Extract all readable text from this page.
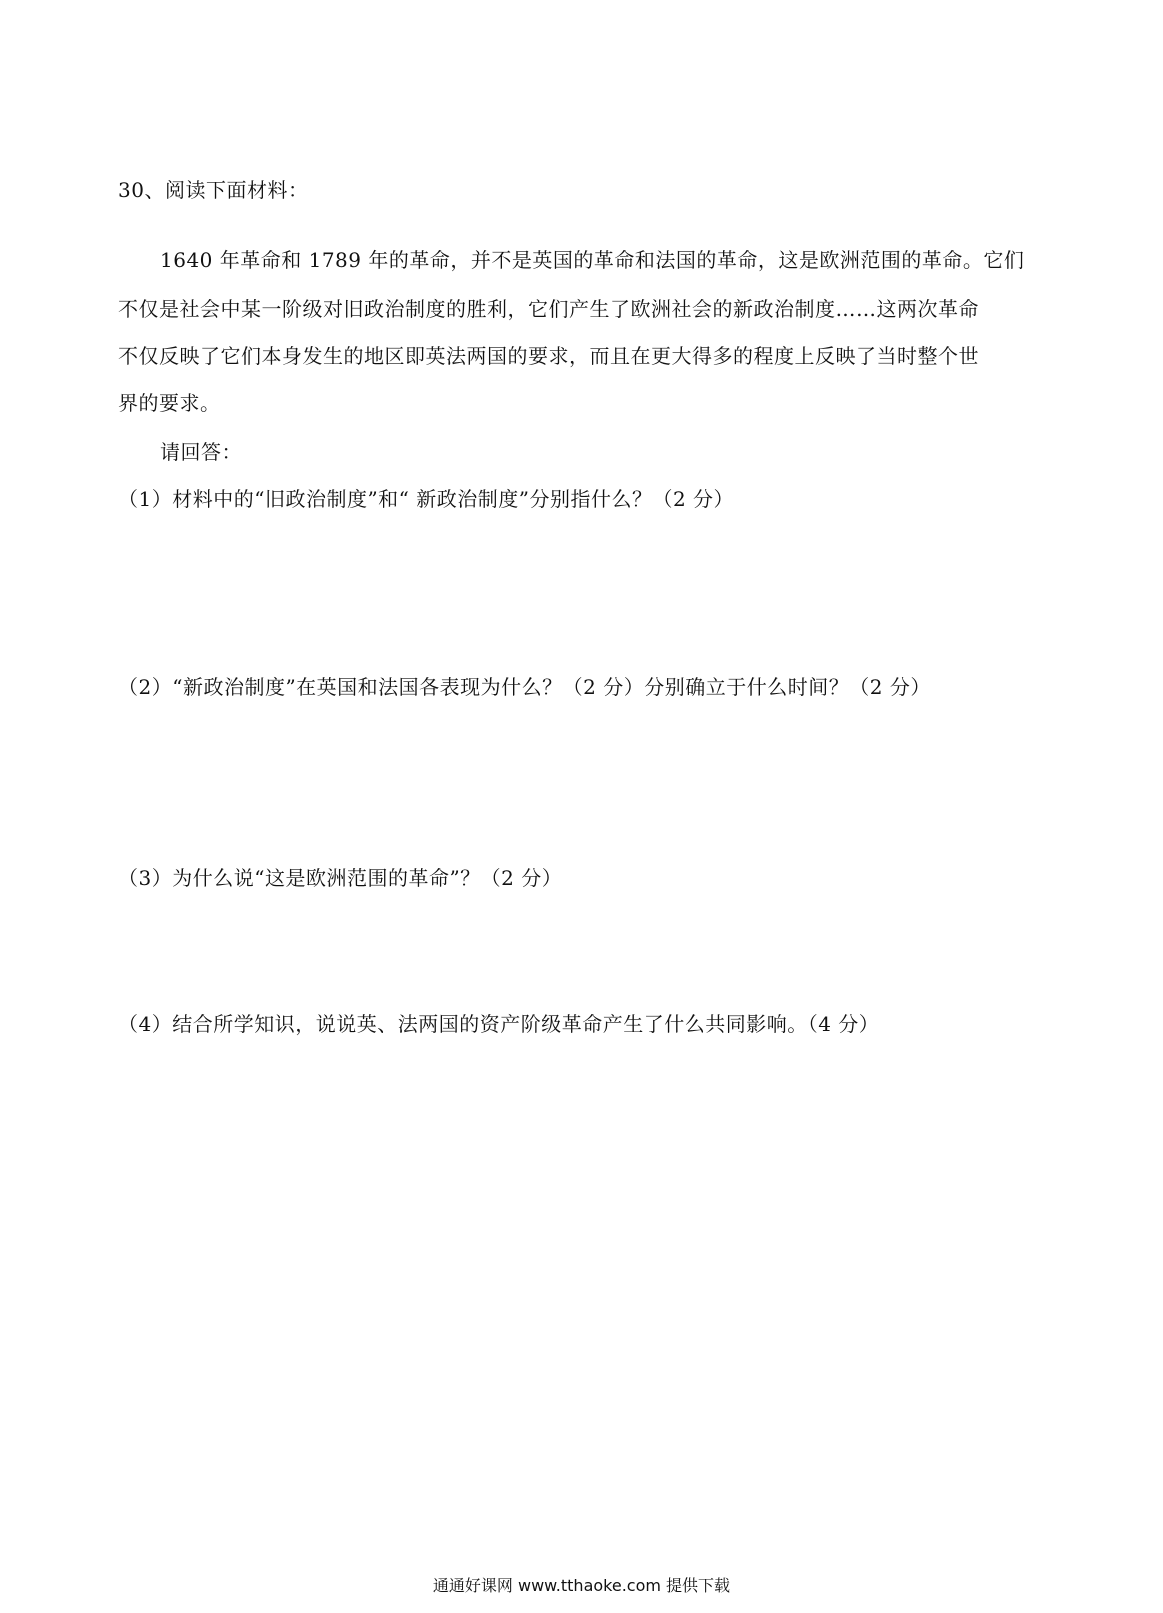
30、阅读下面材料：
1640 年革命和 1789 年的革命，并不是英国的革命和法国的革命，这是欧洲范围的革命。它们
不仅是社会中某一阶级对旧政治制度的胜利，它们产生了欧洲社会的新政治制度……这两次革命
不仅反映了它们本身发生的地区即英法两国的要求，而且在更大得多的程度上反映了当时整个世
界的要求。
请回答：
（1）材料中的“旧政治制度”和“ 新政治制度”分别指什么？（2 分）
（2）“新政治制度”在英国和法国各表现为什么？（2 分）分别确立于什么时间？（2 分）
（3）为什么说“这是欧洲范围的革命”？（2 分）
（4）结合所学知识，说说英、法两国的资产阶级革命产生了什么共同影响。（4 分）
通通好课网 www.tthaoke.com 提供下载
